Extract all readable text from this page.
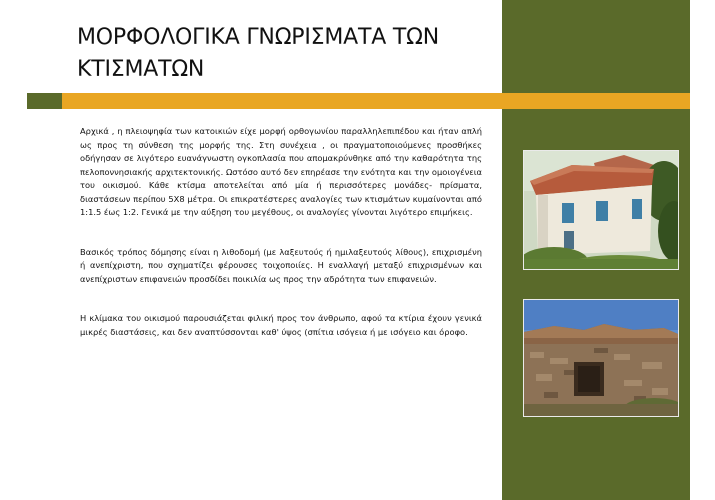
ΜΟΡΦΟΛΟΓΙΚΑ ΓΝΩΡΙΣΜΑΤΑ ΤΩΝ ΚΤΙΣΜΑΤΩΝ

Αρχικά , η πλειοψηφία των κατοικιών είχε μορφή ορθογωνίου παραλληλεπιπέδου και ήταν απλή ως προς τη σύνθεση της μορφής της. Στη συνέχεια , οι πραγματοποιούμενες προσθήκες οδήγησαν σε λιγότερο ευανάγνωστη ογκοπλασία που απομακρύνθηκε από την καθαρότητα της πελοποννησιακής αρχιτεκτονικής. Ωστόσο αυτό δεν επηρέασε την ενότητα και την ομοιογένεια του οικισμού. Κάθε κτίσμα αποτελείται από μία ή περισσότερες μονάδες- πρίσματα, διαστάσεων περίπου 5Χ8 μέτρα. Οι επικρατέστερες αναλογίες των κτισμάτων κυμαίνονται από 1:1.5 έως 1:2. Γενικά με την αύξηση του μεγέθους, οι αναλογίες γίνονται λιγότερο επιμήκεις.

Βασικός τρόπος δόμησης είναι η λιθοδομή (με λαξευτούς ή ημιλαξευτούς λίθους), επιχρισμένη ή ανεπίχριστη, που σχηματίζει φέρουσες τοιχοποιίες. Η εναλλαγή μεταξύ επιχρισμένων και ανεπίχριστων επιφανειών προσδίδει ποικιλία ως προς την αδρότητα των επιφανειών.

Η κλίμακα του οικισμού παρουσιάζεται φιλική προς τον άνθρωπο, αφού τα κτίρια έχουν γενικά μικρές διαστάσεις, και δεν αναπτύσσονται καθ' ύψος (σπίτια ισόγεια ή με ισόγειο και όροφο.
